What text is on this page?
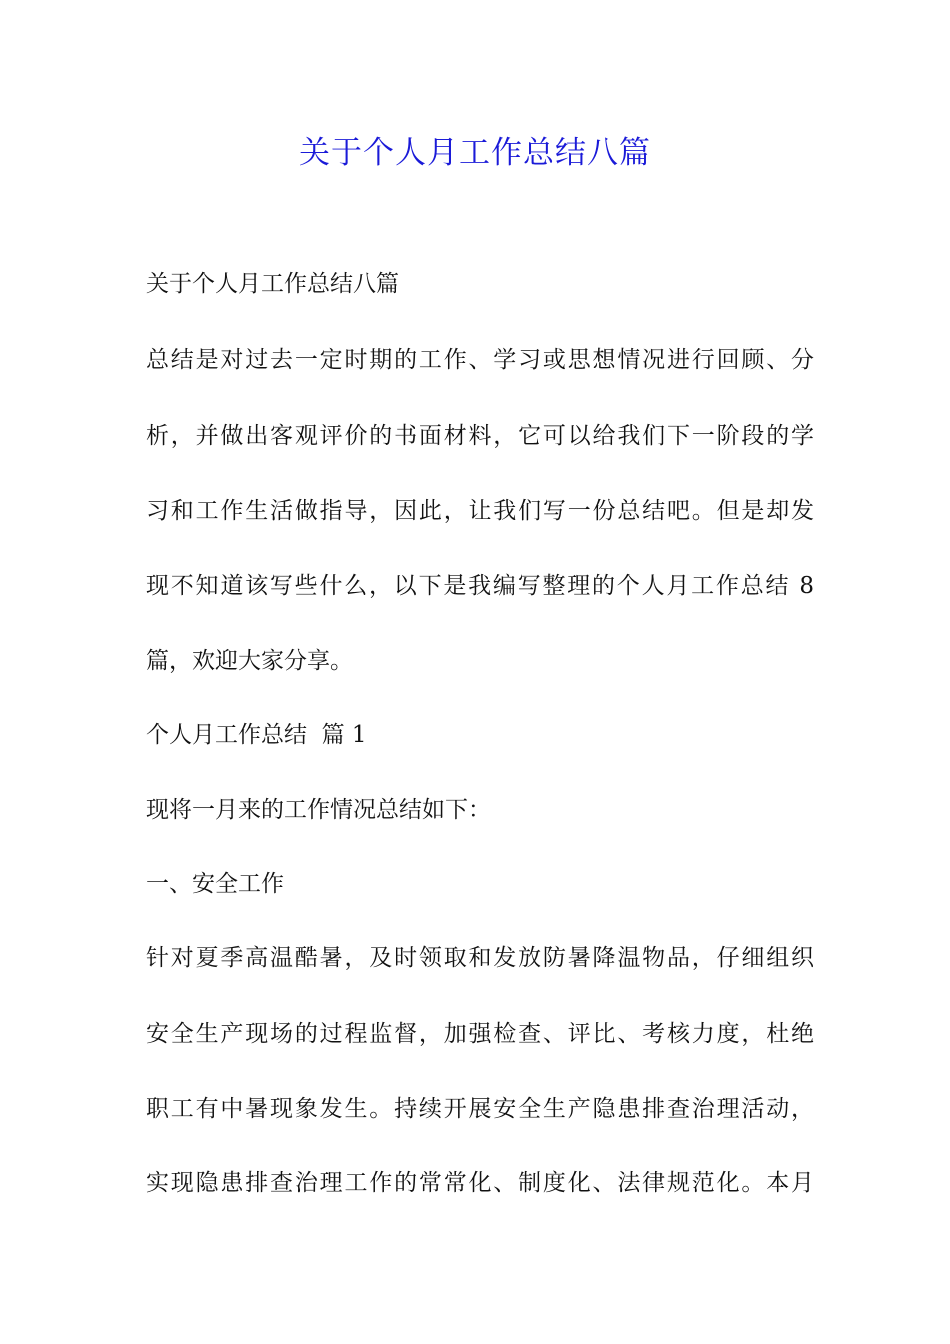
关于个人月工作总结八篇

关于个人月工作总结八篇

总结是对过去一定时期的工作、学习或思想情况进行回顾、分

析，并做出客观评价的书面材料，它可以给我们下一阶段的学

习和工作生活做指导，因此，让我们写一份总结吧。但是却发

现不知道该写些什么，以下是我编写整理的个人月工作总结 8

篇，欢迎大家分享。

个人月工作总结  篇 1

现将一月来的工作情况总结如下：

一、安全工作

针对夏季高温酷暑，及时领取和发放防暑降温物品，仔细组织

安全生产现场的过程监督，加强检查、评比、考核力度，杜绝

职工有中暑现象发生。持续开展安全生产隐患排查治理活动，

实现隐患排查治理工作的常常化、制度化、法律规范化。本月
